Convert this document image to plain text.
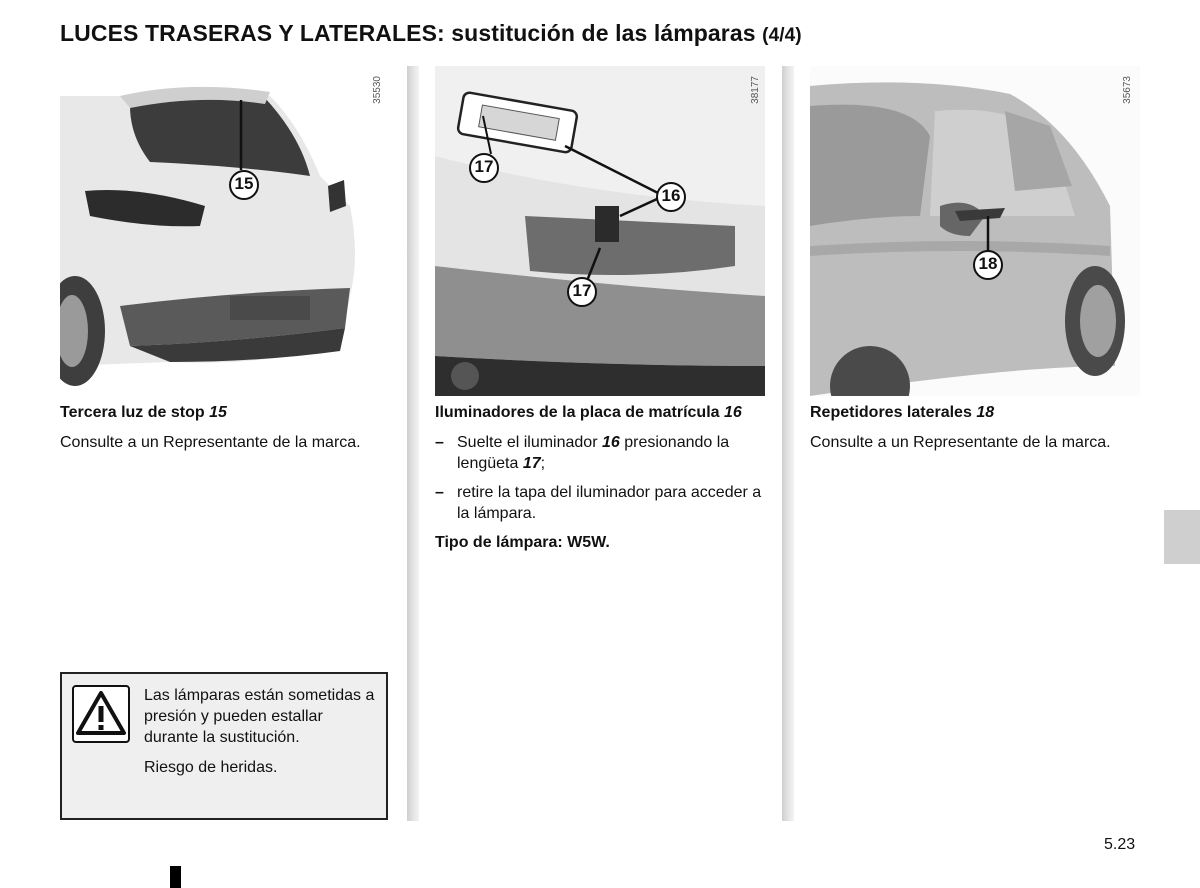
LUCES TRASERAS Y LATERALES: sustitución de las lámparas (4/4)
15
35530
17
16
17
38177
18
35673
Tercera luz de stop 15

Consulte a un Representante de la marca.

Iluminadores de la placa de matrícula 16
– Suelte el iluminador 16 presionando la lengüeta 17;
– retire la tapa del iluminador para acceder a la lámpara.
Tipo de lámpara: W5W.
Repetidores laterales 18

Consulte a un Representante de la marca.

Las lámparas están sometidas a presión y pueden estallar durante la sustitución.

Riesgo de heridas.

5.23
